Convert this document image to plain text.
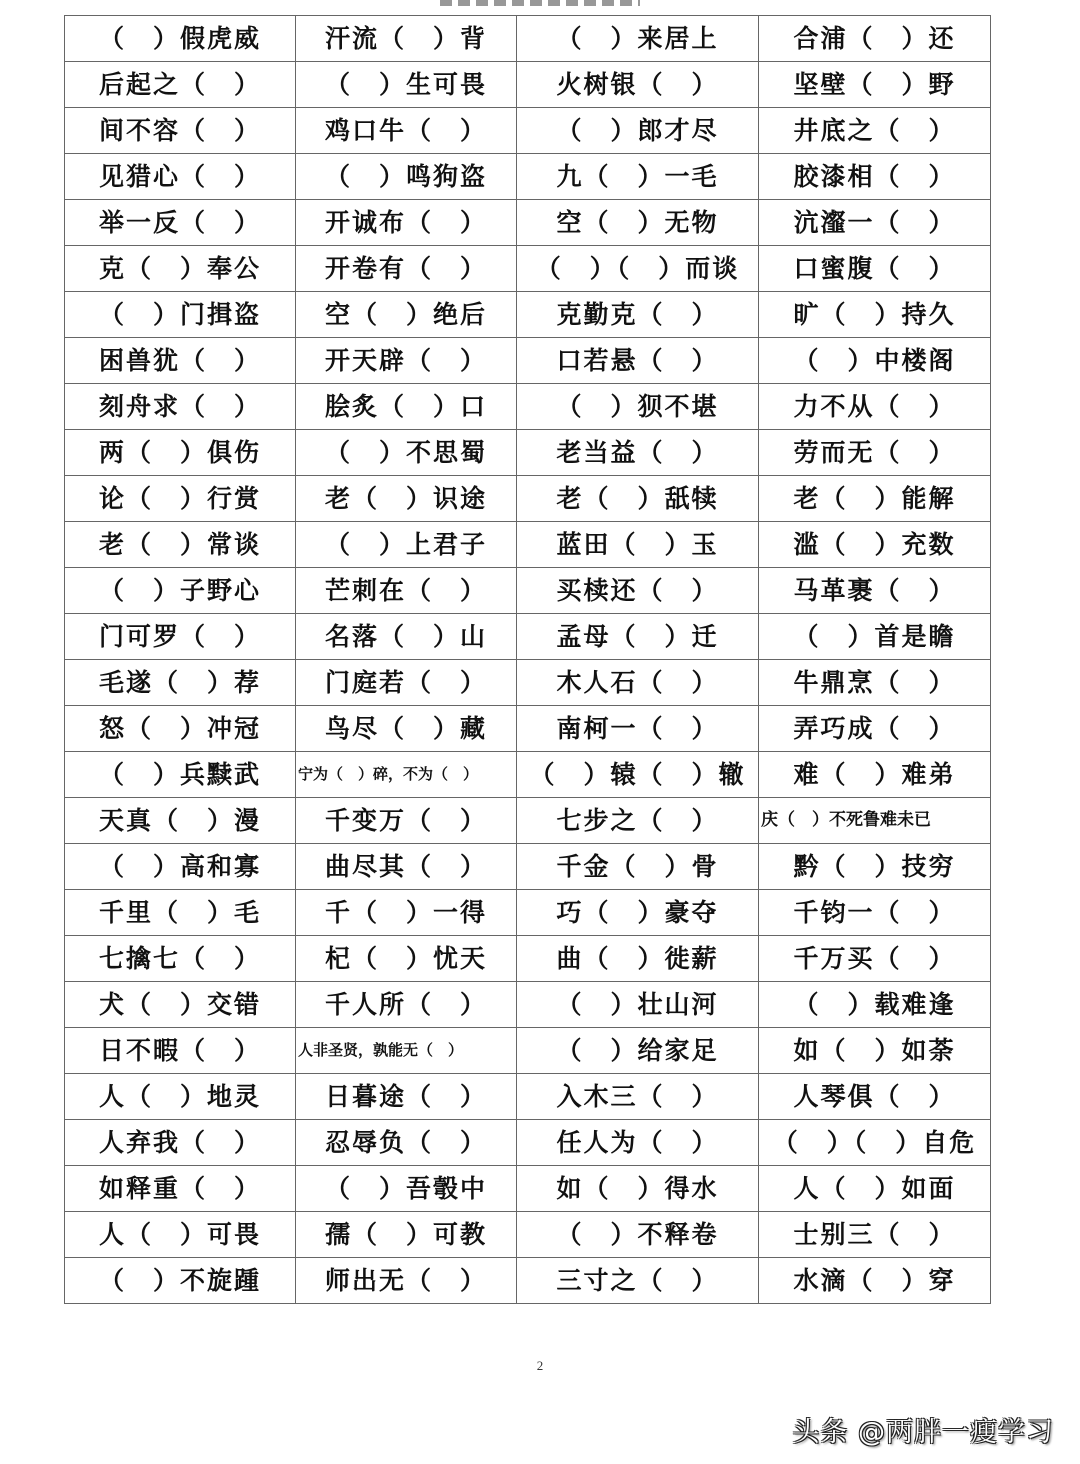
（　）假虎威	汗流（　）背	（　）来居上	合浦（　）还
后起之（　）	（　）生可畏	火树银（　）	坚壁（　）野
间不容（　）	鸡口牛（　）	（　）郎才尽	井底之（　）
见猎心（　）	（　）鸣狗盗	九（　）一毛	胶漆相（　）
举一反（　）	开诚布（　）	空（　）无物	沆瀣一（　）
克（　）奉公	开卷有（　）	（　）（　）而谈	口蜜腹（　）
（　）门揖盗	空（　）绝后	克勤克（　）	旷（　）持久
困兽犹（　）	开天辟（　）	口若悬（　）	（　）中楼阁
刻舟求（　）	脍炙（　）口	（　）狈不堪	力不从（　）
两（　）俱伤	（　）不思蜀	老当益（　）	劳而无（　）
论（　）行赏	老（　）识途	老（　）舐犊	老（　）能解
老（　）常谈	（　）上君子	蓝田（　）玉	滥（　）充数
（　）子野心	芒刺在（　）	买椟还（　）	马革裹（　）
门可罗（　）	名落（　）山	孟母（　）迁	（　）首是瞻
毛遂（　）荐	门庭若（　）	木人石（　）	牛鼎烹（　）
怒（　）冲冠	鸟尽（　）藏	南柯一（　）	弄巧成（　）
（　）兵黩武	宁为（　）碎，不为（　）	（　）辕（　）辙	难（　）难弟
天真（　）漫	千变万（　）	七步之（　）	庆（　）不死鲁难未已
（　）高和寡	曲尽其（　）	千金（　）骨	黔（　）技穷
千里（　）毛	千（　）一得	巧（　）豪夺	千钧一（　）
七擒七（　）	杞（　）忧天	曲（　）徙薪	千万买（　）
犬（　）交错	千人所（　）	（　）壮山河	（　）载难逢
日不暇（　）	人非圣贤，孰能无（　）	（　）给家足	如（　）如荼
人（　）地灵	日暮途（　）	入木三（　）	人琴俱（　）
人弃我（　）	忍辱负（　）	任人为（　）	（　）（　）自危
如释重（　）	（　）吾彀中	如（　）得水	人（　）如面
人（　）可畏	孺（　）可教	（　）不释卷	士别三（　）
（　）不旋踵	师出无（　）	三寸之（　）	水滴（　）穿
2
头条 @两胖一瘦学习
